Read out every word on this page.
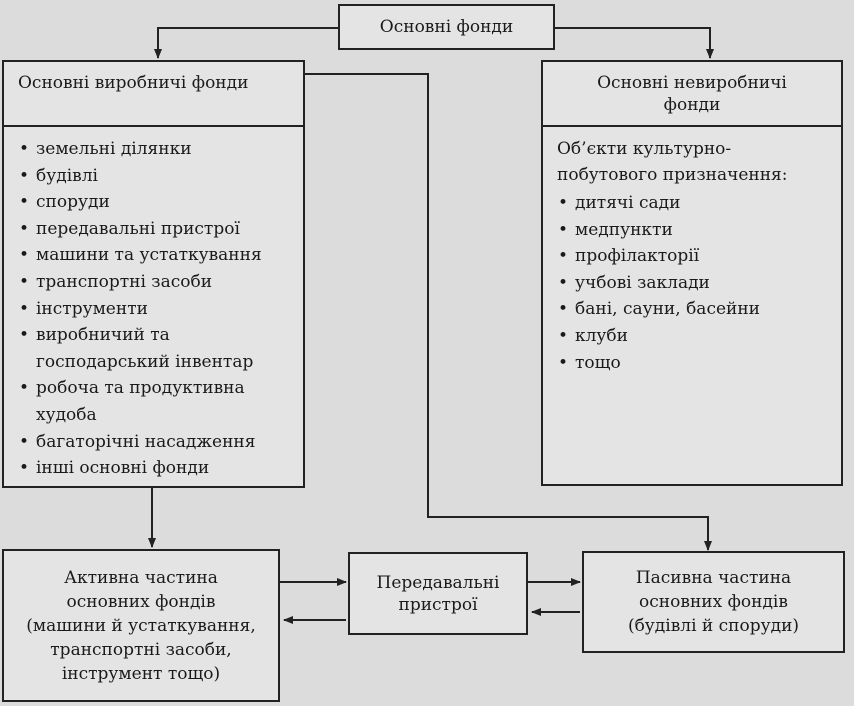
Основні фонди
Основні виробничі фонди
• земельні ділянки
• будівлі
• споруди
• передавальні пристрої
• машини та устаткування
• транспортні засоби
• інструменти
• виробничий та
господарський інвентар
• робоча та продуктивна
худоба
• багаторічні насадження
• інші основні фонди
Основні невиробничі
фонди
Об’єкти культурно-
побутового призначення:
• дитячі сади
• медпункти
• профілакторії
• учбові заклади
• бані, сауни, басейни
• клуби
• тощо
Активна частина
основних фондів
(машини й устаткування,
транспортні засоби,
інструмент тощо)
Передавальні
пристрої
Пасивна частина
основних фондів
(будівлі й споруди)
